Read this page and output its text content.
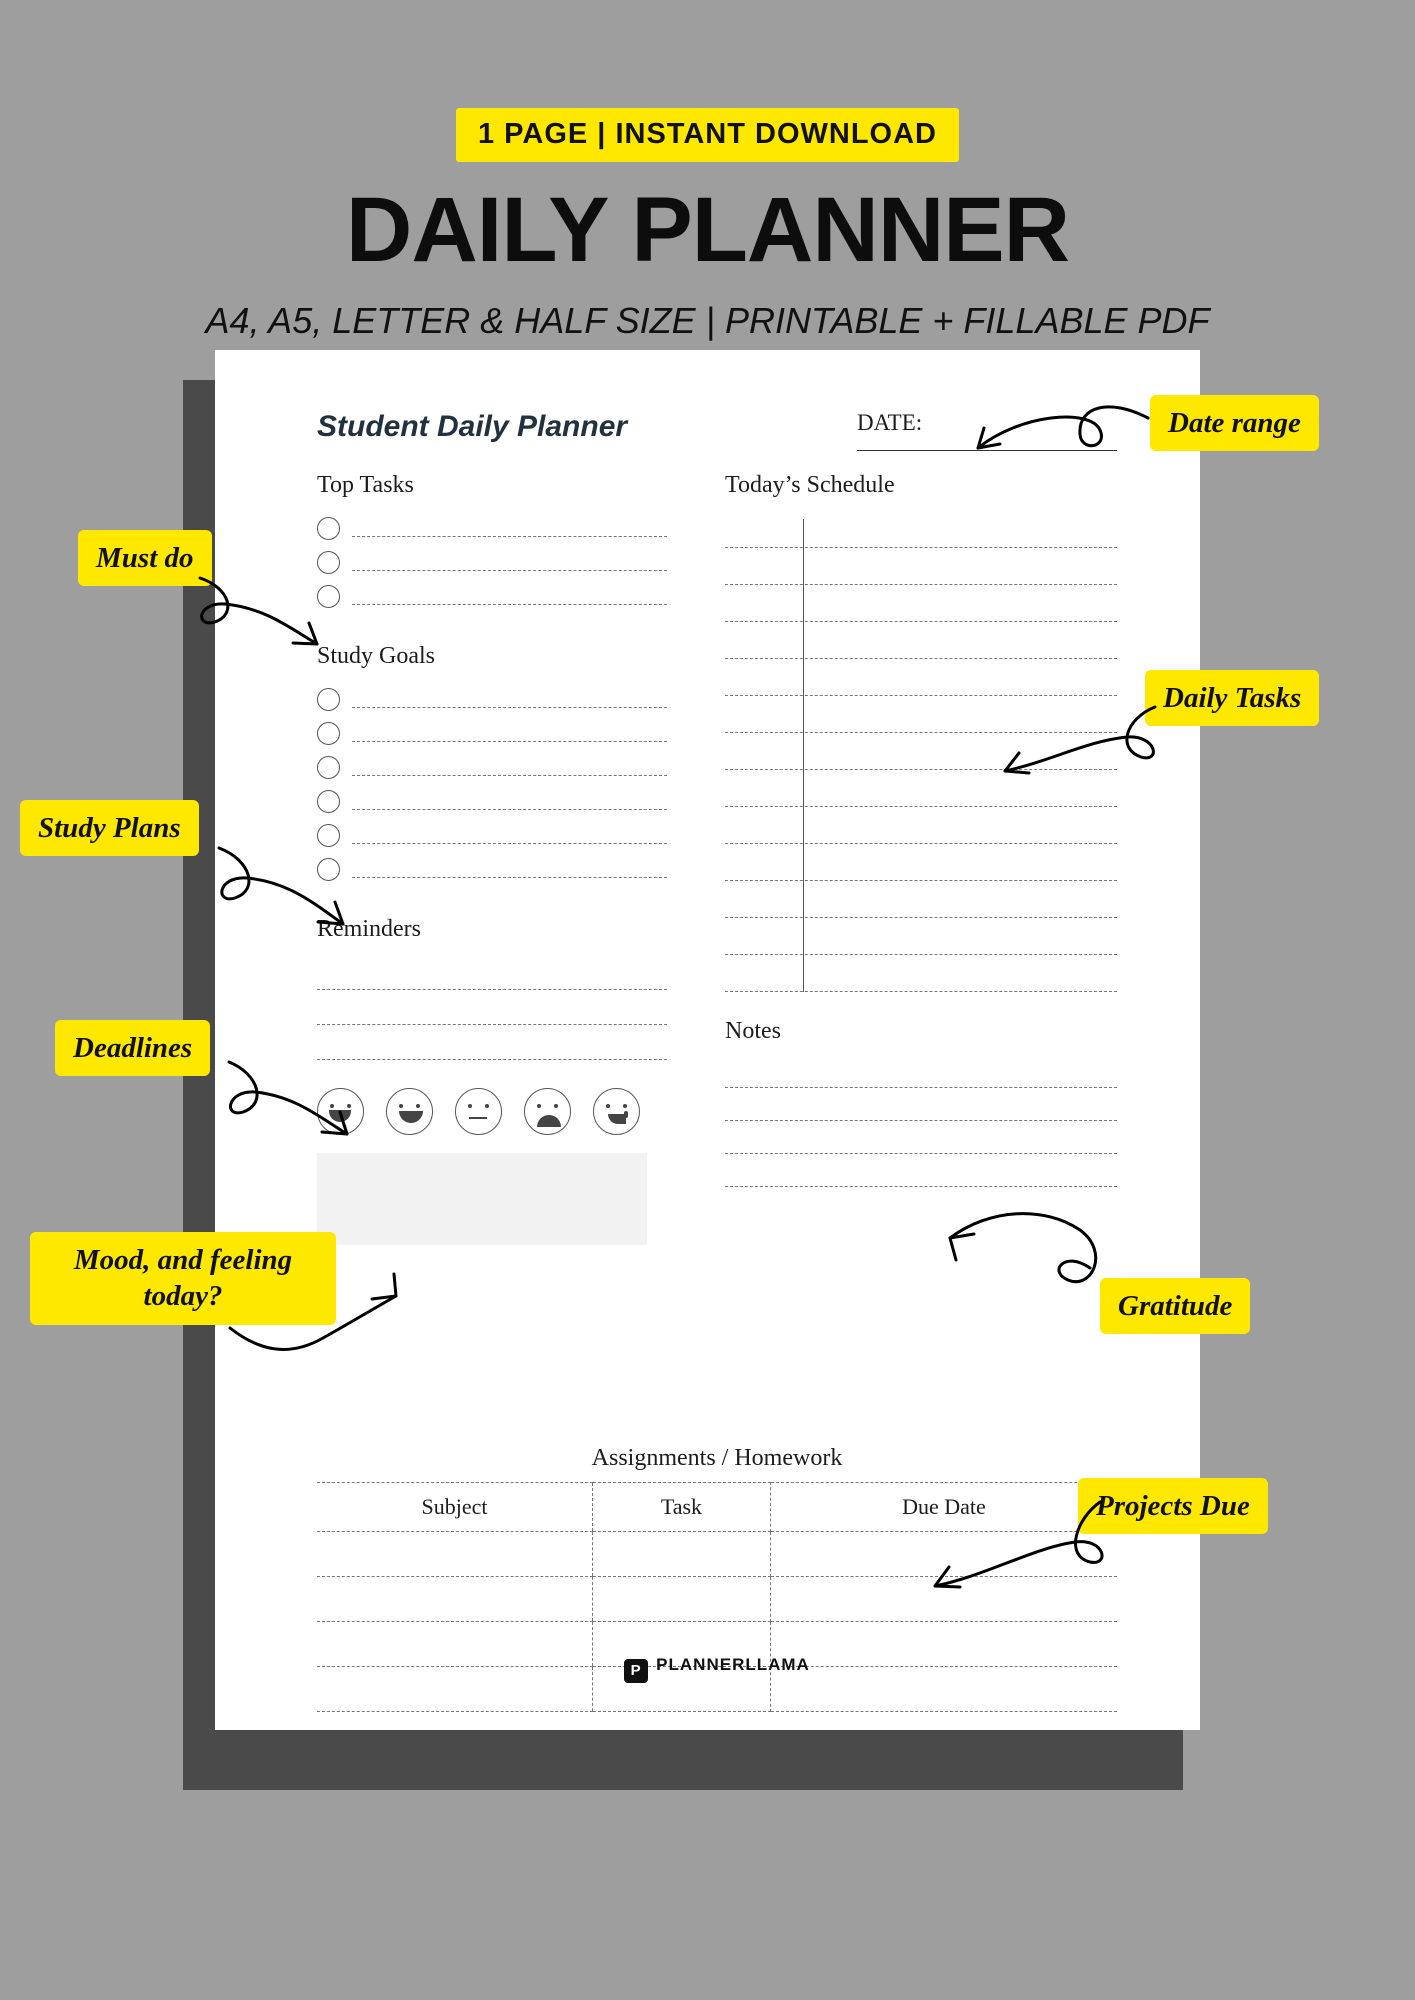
1 PAGE | INSTANT DOWNLOAD
DAILY PLANNER
A4, A5, LETTER & HALF SIZE | PRINTABLE + FILLABLE PDF
Student Daily Planner	DATE:
Top Tasks
Study Goals
Reminders
Today’s Schedule
Notes
Assignments / Homework
Subject	Task	Due Date

P PLANNERLLAMA
Date range
Must do
Study Plans
Deadlines
Mood, and feeling today?
Daily Tasks
Gratitude
Projects Due
